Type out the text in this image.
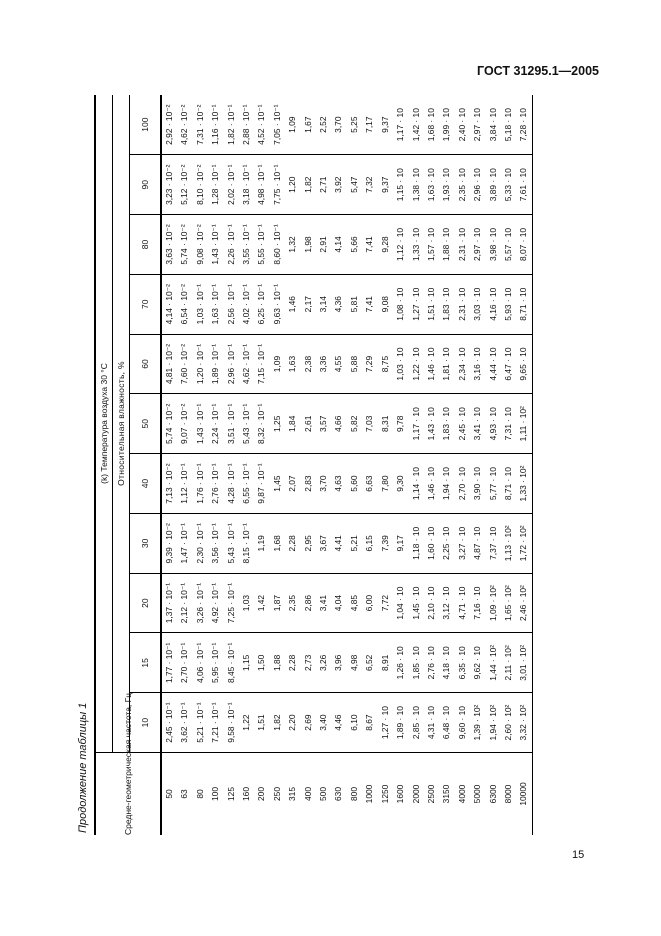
ГОСТ 31295.1—2005
Продолжение таблицы 1	Средне-геометрическая частота, Гц	(k) Температура воздуха 30 °C										
	Относительная влажность, %										
	10	15	20	30	40	50	60	70	80	90	100
50	2,45 · 10⁻¹	1,77 · 10⁻¹	1,37 · 10⁻¹	9,39 · 10⁻²	7,13 · 10⁻²	5,74 · 10⁻²	4,81 · 10⁻²	4,14 · 10⁻²	3,63 · 10⁻²	3,23 · 10⁻²	2,92 · 10⁻²
63	3,62 · 10⁻¹	2,70 · 10⁻¹	2,12 · 10⁻¹	1,47 · 10⁻¹	1,12 · 10⁻¹	9,07 · 10⁻²	7,60 · 10⁻²	6,54 · 10⁻²	5,74 · 10⁻²	5,12 · 10⁻²	4,62 · 10⁻²
80	5,21 · 10⁻¹	4,06 · 10⁻¹	3,26 · 10⁻¹	2,30 · 10⁻¹	1,76 · 10⁻¹	1,43 · 10⁻¹	1,20 · 10⁻¹	1,03 · 10⁻¹	9,08 · 10⁻²	8,10 · 10⁻²	7,31 · 10⁻²
100	7,21 · 10⁻¹	5,95 · 10⁻¹	4,92 · 10⁻¹	3,56 · 10⁻¹	2,76 · 10⁻¹	2,24 · 10⁻¹	1,89 · 10⁻¹	1,63 · 10⁻¹	1,43 · 10⁻¹	1,28 · 10⁻¹	1,16 · 10⁻¹
125	9,58 · 10⁻¹	8,45 · 10⁻¹	7,25 · 10⁻¹	5,43 · 10⁻¹	4,28 · 10⁻¹	3,51 · 10⁻¹	2,96 · 10⁻¹	2,56 · 10⁻¹	2,26 · 10⁻¹	2,02 · 10⁻¹	1,82 · 10⁻¹
160	1,22	1,15	1,03	8,15 · 10⁻¹	6,55 · 10⁻¹	5,43 · 10⁻¹	4,62 · 10⁻¹	4,02 · 10⁻¹	3,55 · 10⁻¹	3,18 · 10⁻¹	2,88 · 10⁻¹
200	1,51	1,50	1,42	1,19	9,87 · 10⁻¹	8,32 · 10⁻¹	7,15 · 10⁻¹	6,25 · 10⁻¹	5,55 · 10⁻¹	4,98 · 10⁻¹	4,52 · 10⁻¹
250	1,82	1,88	1,87	1,68	1,45	1,25	1,09	9,63 · 10⁻¹	8,60 · 10⁻¹	7,75 · 10⁻¹	7,05 · 10⁻¹
315	2,20	2,28	2,35	2,28	2,07	1,84	1,63	1,46	1,32	1,20	1,09
400	2,69	2,73	2,86	2,95	2,83	2,61	2,38	2,17	1,98	1,82	1,67
500	3,40	3,26	3,41	3,67	3,70	3,57	3,36	3,14	2,91	2,71	2,52
630	4,46	3,96	4,04	4,41	4,63	4,66	4,55	4,36	4,14	3,92	3,70
800	6,10	4,98	4,85	5,21	5,60	5,82	5,88	5,81	5,66	5,47	5,25
1000	8,67	6,52	6,00	6,15	6,63	7,03	7,29	7,41	7,41	7,32	7,17
1250	1,27 · 10	8,91	7,72	7,39	7,80	8,31	8,75	9,08	9,28	9,37	9,37
1600	1,89 · 10	1,26 · 10	1,04 · 10	9,17	9,30	9,78	1,03 · 10	1,08 · 10	1,12 · 10	1,15 · 10	1,17 · 10
2000	2,85 · 10	1,85 · 10	1,45 · 10	1,18 · 10	1,14 · 10	1,17 · 10	1,22 · 10	1,27 · 10	1,33 · 10	1,38 · 10	1,42 · 10
2500	4,31 · 10	2,76 · 10	2,10 · 10	1,60 · 10	1,46 · 10	1,43 · 10	1,46 · 10	1,51 · 10	1,57 · 10	1,63 · 10	1,68 · 10
3150	6,48 · 10	4,18 · 10	3,12 · 10	2,25 · 10	1,94 · 10	1,83 · 10	1,81 · 10	1,83 · 10	1,88 · 10	1,93 · 10	1,99 · 10
4000	9,60 · 10	6,35 · 10	4,71 · 10	3,27 · 10	2,70 · 10	2,45 · 10	2,34 · 10	2,31 · 10	2,31 · 10	2,35 · 10	2,40 · 10
5000	1,39 · 10²	9,62 · 10	7,16 · 10	4,87 · 10	3,90 · 10	3,41 · 10	3,16 · 10	3,03 · 10	2,97 · 10	2,96 · 10	2,97 · 10
6300	1,94 · 10²	1,44 · 10²	1,09 · 10²	7,37 · 10	5,77 · 10	4,93 · 10	4,44 · 10	4,16 · 10	3,98 · 10	3,89 · 10	3,84 · 10
8000	2,60 · 10²	2,11 · 10²	1,65 · 10²	1,13 · 10²	8,71 · 10	7,31 · 10	6,47 · 10	5,93 · 10	5,57 · 10	5,33 · 10	5,18 · 10
10000	3,32 · 10²	3,01 · 10²	2,46 · 10²	1,72 · 10²	1,33 · 10²	1,11 · 10²	9,65 · 10	8,71 · 10	8,07 · 10	7,61 · 10	7,28 · 10
15
